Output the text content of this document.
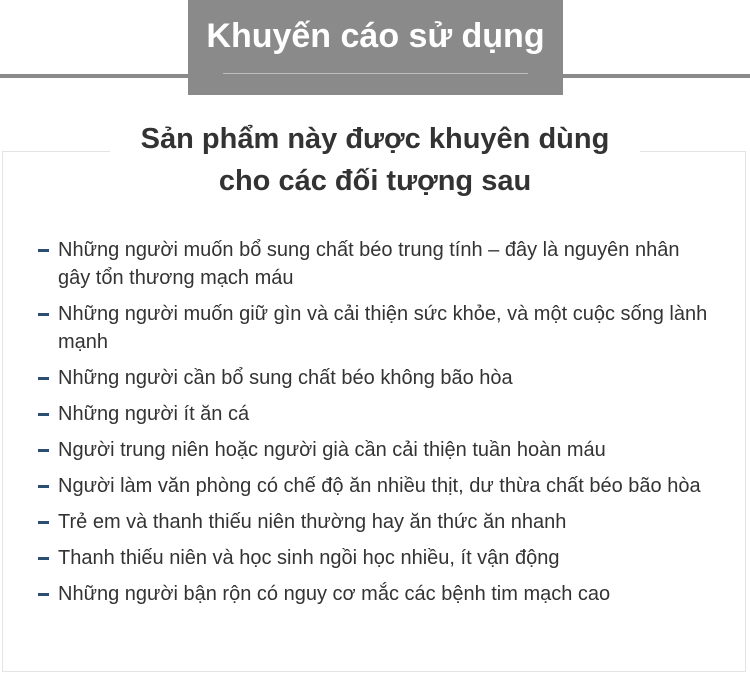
Khuyến cáo sử dụng
Sản phẩm này được khuyên dùng
cho các đối tượng sau
Những người muốn bổ sung chất béo trung tính – đây là nguyên nhân gây tổn thương mạch máu
Những người muốn giữ gìn và cải thiện sức khỏe, và một cuộc sống lành mạnh
Những người cần bổ sung chất béo không bão hòa
Những người ít ăn cá
Người trung niên hoặc người già cần cải thiện tuần hoàn máu
Người làm văn phòng có chế độ ăn nhiều thịt, dư thừa chất béo bão hòa
Trẻ em và thanh thiếu niên thường hay ăn thức ăn nhanh
Thanh thiếu niên và học sinh ngồi học nhiều, ít vận động
Những người bận rộn có nguy cơ mắc các bệnh tim mạch cao
